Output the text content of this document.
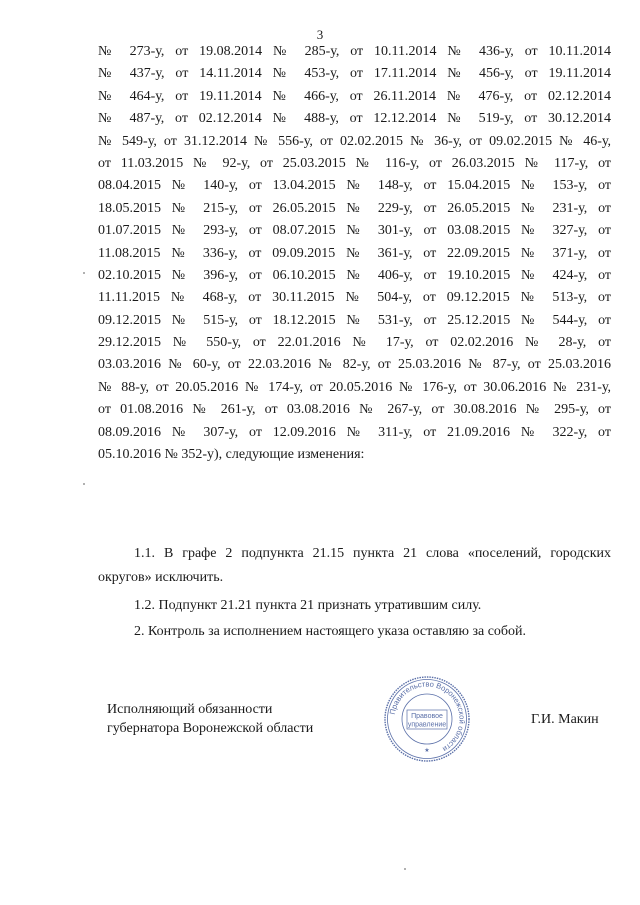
3
№ 273-у, от 19.08.2014 № 285-у, от 10.11.2014 № 436-у, от 10.11.2014
№ 437-у, от 14.11.2014 № 453-у, от 17.11.2014 № 456-у, от 19.11.2014
№ 464-у, от 19.11.2014 № 466-у, от 26.11.2014 № 476-у, от 02.12.2014
№ 487-у, от 02.12.2014 № 488-у, от 12.12.2014 № 519-у, от 30.12.2014
№ 549-у, от 31.12.2014 № 556-у, от 02.02.2015 № 36-у, от 09.02.2015 № 46-у,
от 11.03.2015 № 92-у, от 25.03.2015 № 116-у, от 26.03.2015 № 117-у, от
08.04.2015 № 140-у, от 13.04.2015 № 148-у, от 15.04.2015 № 153-у, от
18.05.2015 № 215-у, от 26.05.2015 № 229-у, от 26.05.2015 № 231-у, от
01.07.2015 № 293-у, от 08.07.2015 № 301-у, от 03.08.2015 № 327-у, от
11.08.2015 № 336-у, от 09.09.2015 № 361-у, от 22.09.2015 № 371-у, от
02.10.2015 № 396-у, от 06.10.2015 № 406-у, от 19.10.2015 № 424-у, от
11.11.2015 № 468-у, от 30.11.2015 № 504-у, от 09.12.2015 № 513-у, от
09.12.2015 № 515-у, от 18.12.2015 № 531-у, от 25.12.2015 № 544-у, от
29.12.2015 № 550-у, от 22.01.2016 № 17-у, от 02.02.2016 № 28-у, от
03.03.2016 № 60-у, от 22.03.2016 № 82-у, от 25.03.2016 № 87-у, от 25.03.2016
№ 88-у, от 20.05.2016 № 174-у, от 20.05.2016 № 176-у, от 30.06.2016 № 231-у,
от 01.08.2016 № 261-у, от 03.08.2016 № 267-у, от 30.08.2016 № 295-у, от
08.09.2016 № 307-у, от 12.09.2016 № 311-у, от 21.09.2016 № 322-у, от
05.10.2016 № 352-у), следующие изменения:
1.1. В графе 2 подпункта 21.15 пункта 21 слова «поселений, городских
округов» исключить.
1.2. Подпункт 21.21 пункта 21 признать утратившим силу.
2. Контроль за исполнением настоящего указа оставляю за собой.
Исполняющий обязанности
губернатора Воронежской области
Правительство Воронежской области
Правовое
управление
★
Г.И. Макин
